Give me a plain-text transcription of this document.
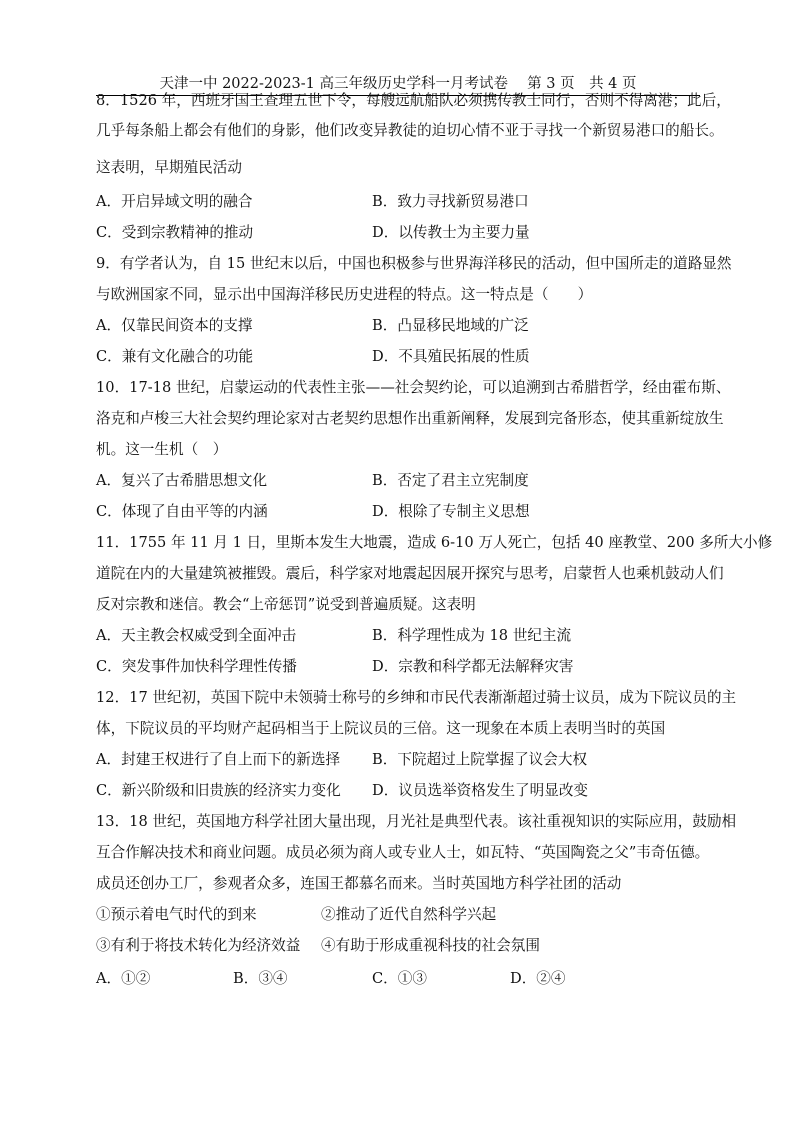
天津一中 2022-2023-1 高三年级历史学科一月考试卷　 第 3 页　共 4 页
8．1526 年，西班牙国王查理五世下令，每艘远航船队必须携传教士同行，否则不得离港；此后，
几乎每条船上都会有他们的身影，他们改变异教徒的迫切心情不亚于寻找一个新贸易港口的船长。
这表明，早期殖民活动
A．开启异域文明的融合	B．致力寻找新贸易港口
C．受到宗教精神的推动	D．以传教士为主要力量
9．有学者认为，自 15 世纪末以后，中国也积极参与世界海洋移民的活动，但中国所走的道路显然
与欧洲国家不同，显示出中国海洋移民历史进程的特点。这一特点是（　　）
A．仅靠民间资本的支撑	B．凸显移民地域的广泛
C．兼有文化融合的功能	D．不具殖民拓展的性质
10．17-18 世纪，启蒙运动的代表性主张——社会契约论，可以追溯到古希腊哲学，经由霍布斯、
洛克和卢梭三大社会契约理论家对古老契约思想作出重新阐释，发展到完备形态，使其重新绽放生
机。这一生机（　）
A．复兴了古希腊思想文化	B．否定了君主立宪制度
C．体现了自由平等的内涵	D．根除了专制主义思想
11．1755 年 11 月 1 日，里斯本发生大地震，造成 6-10 万人死亡，包括 40 座教堂、200 多所大小修
道院在内的大量建筑被摧毁。震后，科学家对地震起因展开探究与思考，启蒙哲人也乘机鼓动人们
反对宗教和迷信。教会“上帝惩罚”说受到普遍质疑。这表明
A．天主教会权威受到全面冲击	B．科学理性成为 18 世纪主流
C．突发事件加快科学理性传播	D．宗教和科学都无法解释灾害
12．17 世纪初，英国下院中未领骑士称号的乡绅和市民代表渐渐超过骑士议员，成为下院议员的主
体，下院议员的平均财产起码相当于上院议员的三倍。这一现象在本质上表明当时的英国
A．封建王权进行了自上而下的新选择 B．下院超过上院掌握了议会大权
C．新兴阶级和旧贵族的经济实力变化 D．议员选举资格发生了明显改变
13．18 世纪，英国地方科学社团大量出现，月光社是典型代表。该社重视知识的实际应用，鼓励相
互合作解决技术和商业问题。成员必须为商人或专业人士，如瓦特、“英国陶瓷之父”韦奇伍德。
成员还创办工厂，参观者众多，连国王都慕名而来。当时英国地方科学社团的活动
①预示着电气时代的到来	②推动了近代自然科学兴起
③有利于将技术转化为经济效益 ④有助于形成重视科技的社会氛围
A．①②	B．③④	C．①③	D．②④
